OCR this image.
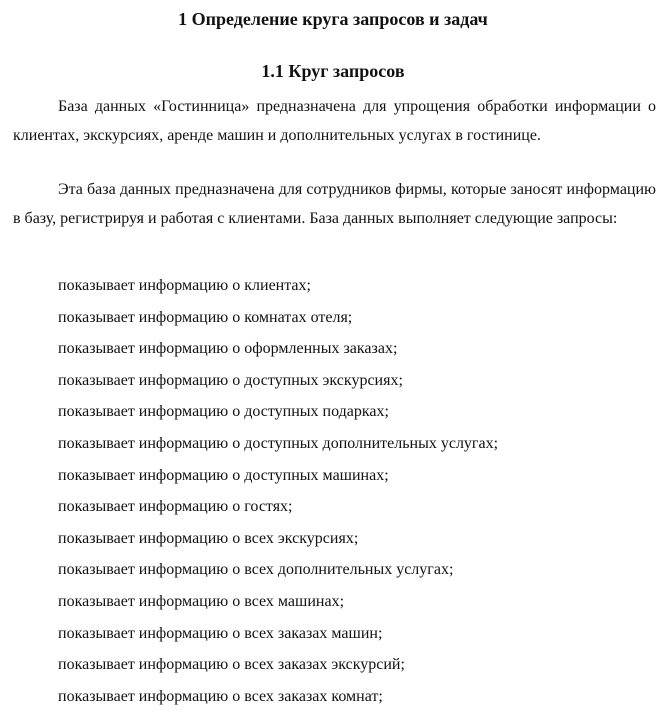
1 Определение круга запросов и задач
1.1 Круг запросов

База данных «Гостинница» предназначена для упрощения обработки информации о клиентах, экскурсиях, аренде машин и дополнительных услугах в гостинице.

Эта база данных предназначена для сотрудников фирмы, которые заносят информацию в базу, регистрируя и работая с клиентами. База данных выполняет следующие запросы:

показывает информацию о клиентах;
показывает информацию о комнатах отеля;
показывает информацию о оформленных заказах;
показывает информацию о доступных экскурсиях;
показывает информацию о доступных подарках;
показывает информацию о доступных дополнительных услугах;
показывает информацию о доступных машинах;
показывает информацию о гостях;
показывает информацию о всех экскурсиях;
показывает информацию о всех дополнительных услугах;
показывает информацию о всех машинах;
показывает информацию о всех заказах машин;
показывает информацию о всех заказах экскурсий;
показывает информацию о всех заказах комнат;
